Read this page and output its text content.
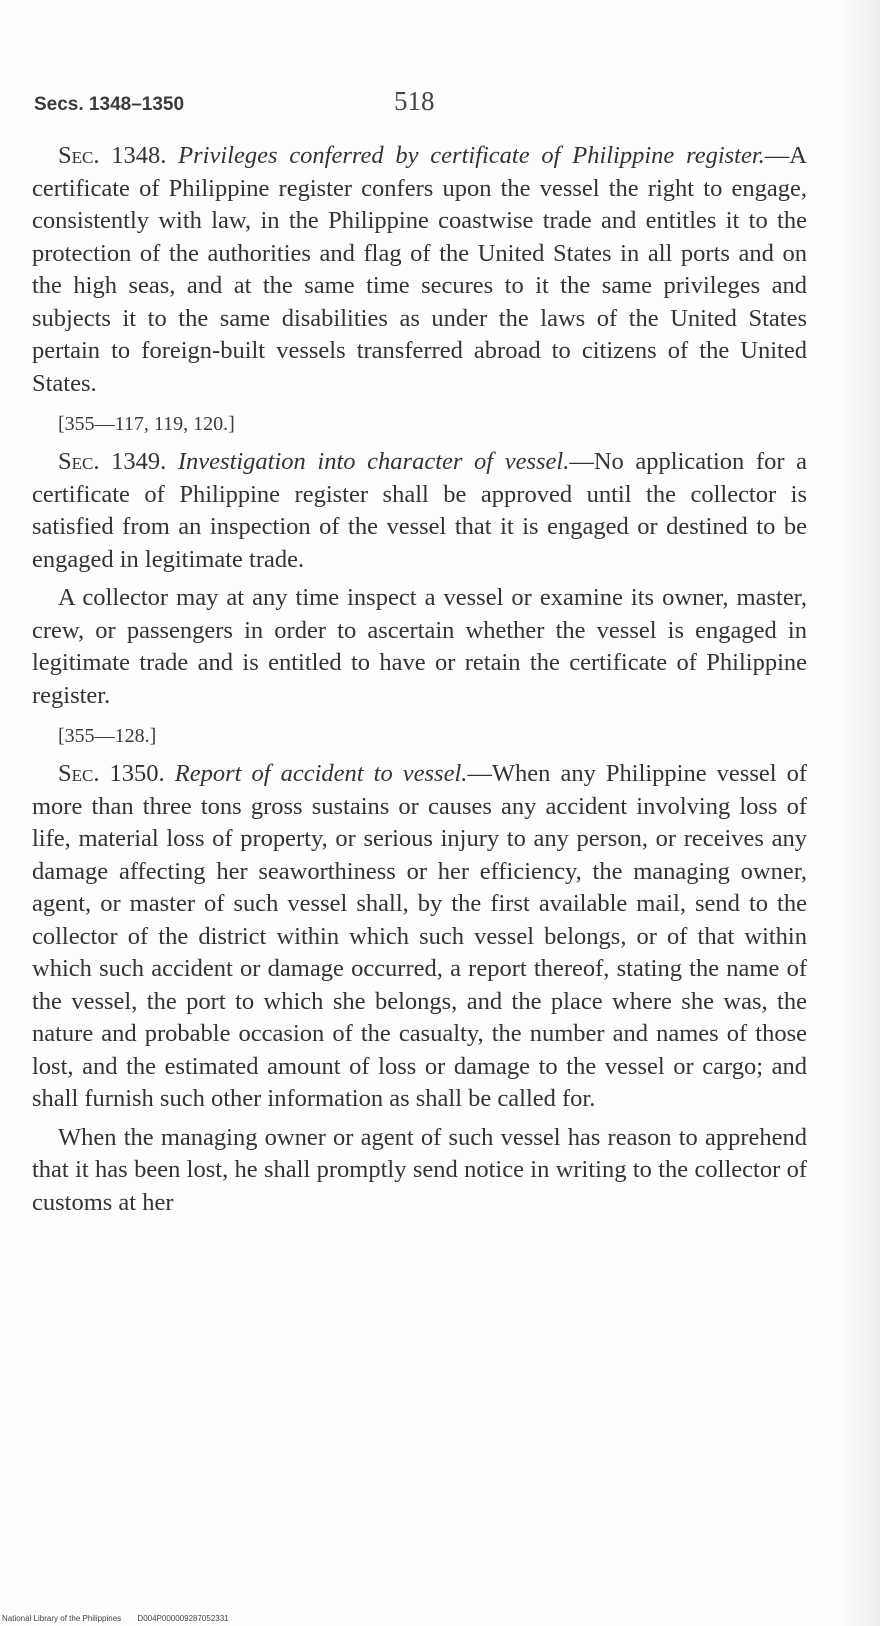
Secs. 1348–1350	518

Sec. 1348. Privileges conferred by certificate of Philippine register.—A certificate of Philippine register confers upon the vessel the right to engage, consistently with law, in the Philippine coastwise trade and entitles it to the protection of the authorities and flag of the United States in all ports and on the high seas, and at the same time secures to it the same privileges and subjects it to the same disabilities as under the laws of the United States pertain to foreign-built vessels transferred abroad to citizens of the United States.

[355—117, 119, 120.]

Sec. 1349. Investigation into character of vessel.—No application for a certificate of Philippine register shall be approved until the collector is satisfied from an inspection of the vessel that it is engaged or destined to be engaged in legitimate trade.

A collector may at any time inspect a vessel or examine its owner, master, crew, or passengers in order to ascertain whether the vessel is engaged in legitimate trade and is entitled to have or retain the certificate of Philippine register.

[355—128.]

Sec. 1350. Report of accident to vessel.—When any Philippine vessel of more than three tons gross sustains or causes any accident involving loss of life, material loss of property, or serious injury to any person, or receives any damage affecting her seaworthiness or her efficiency, the managing owner, agent, or master of such vessel shall, by the first available mail, send to the collector of the district within which such vessel belongs, or of that within which such accident or damage occurred, a report thereof, stating the name of the vessel, the port to which she belongs, and the place where she was, the nature and probable occasion of the casualty, the number and names of those lost, and the estimated amount of loss or damage to the vessel or cargo; and shall furnish such other information as shall be called for.

When the managing owner or agent of such vessel has reason to apprehend that it has been lost, he shall promptly send notice in writing to the collector of customs at her

National Library of the Philippines D004P000009287052331
